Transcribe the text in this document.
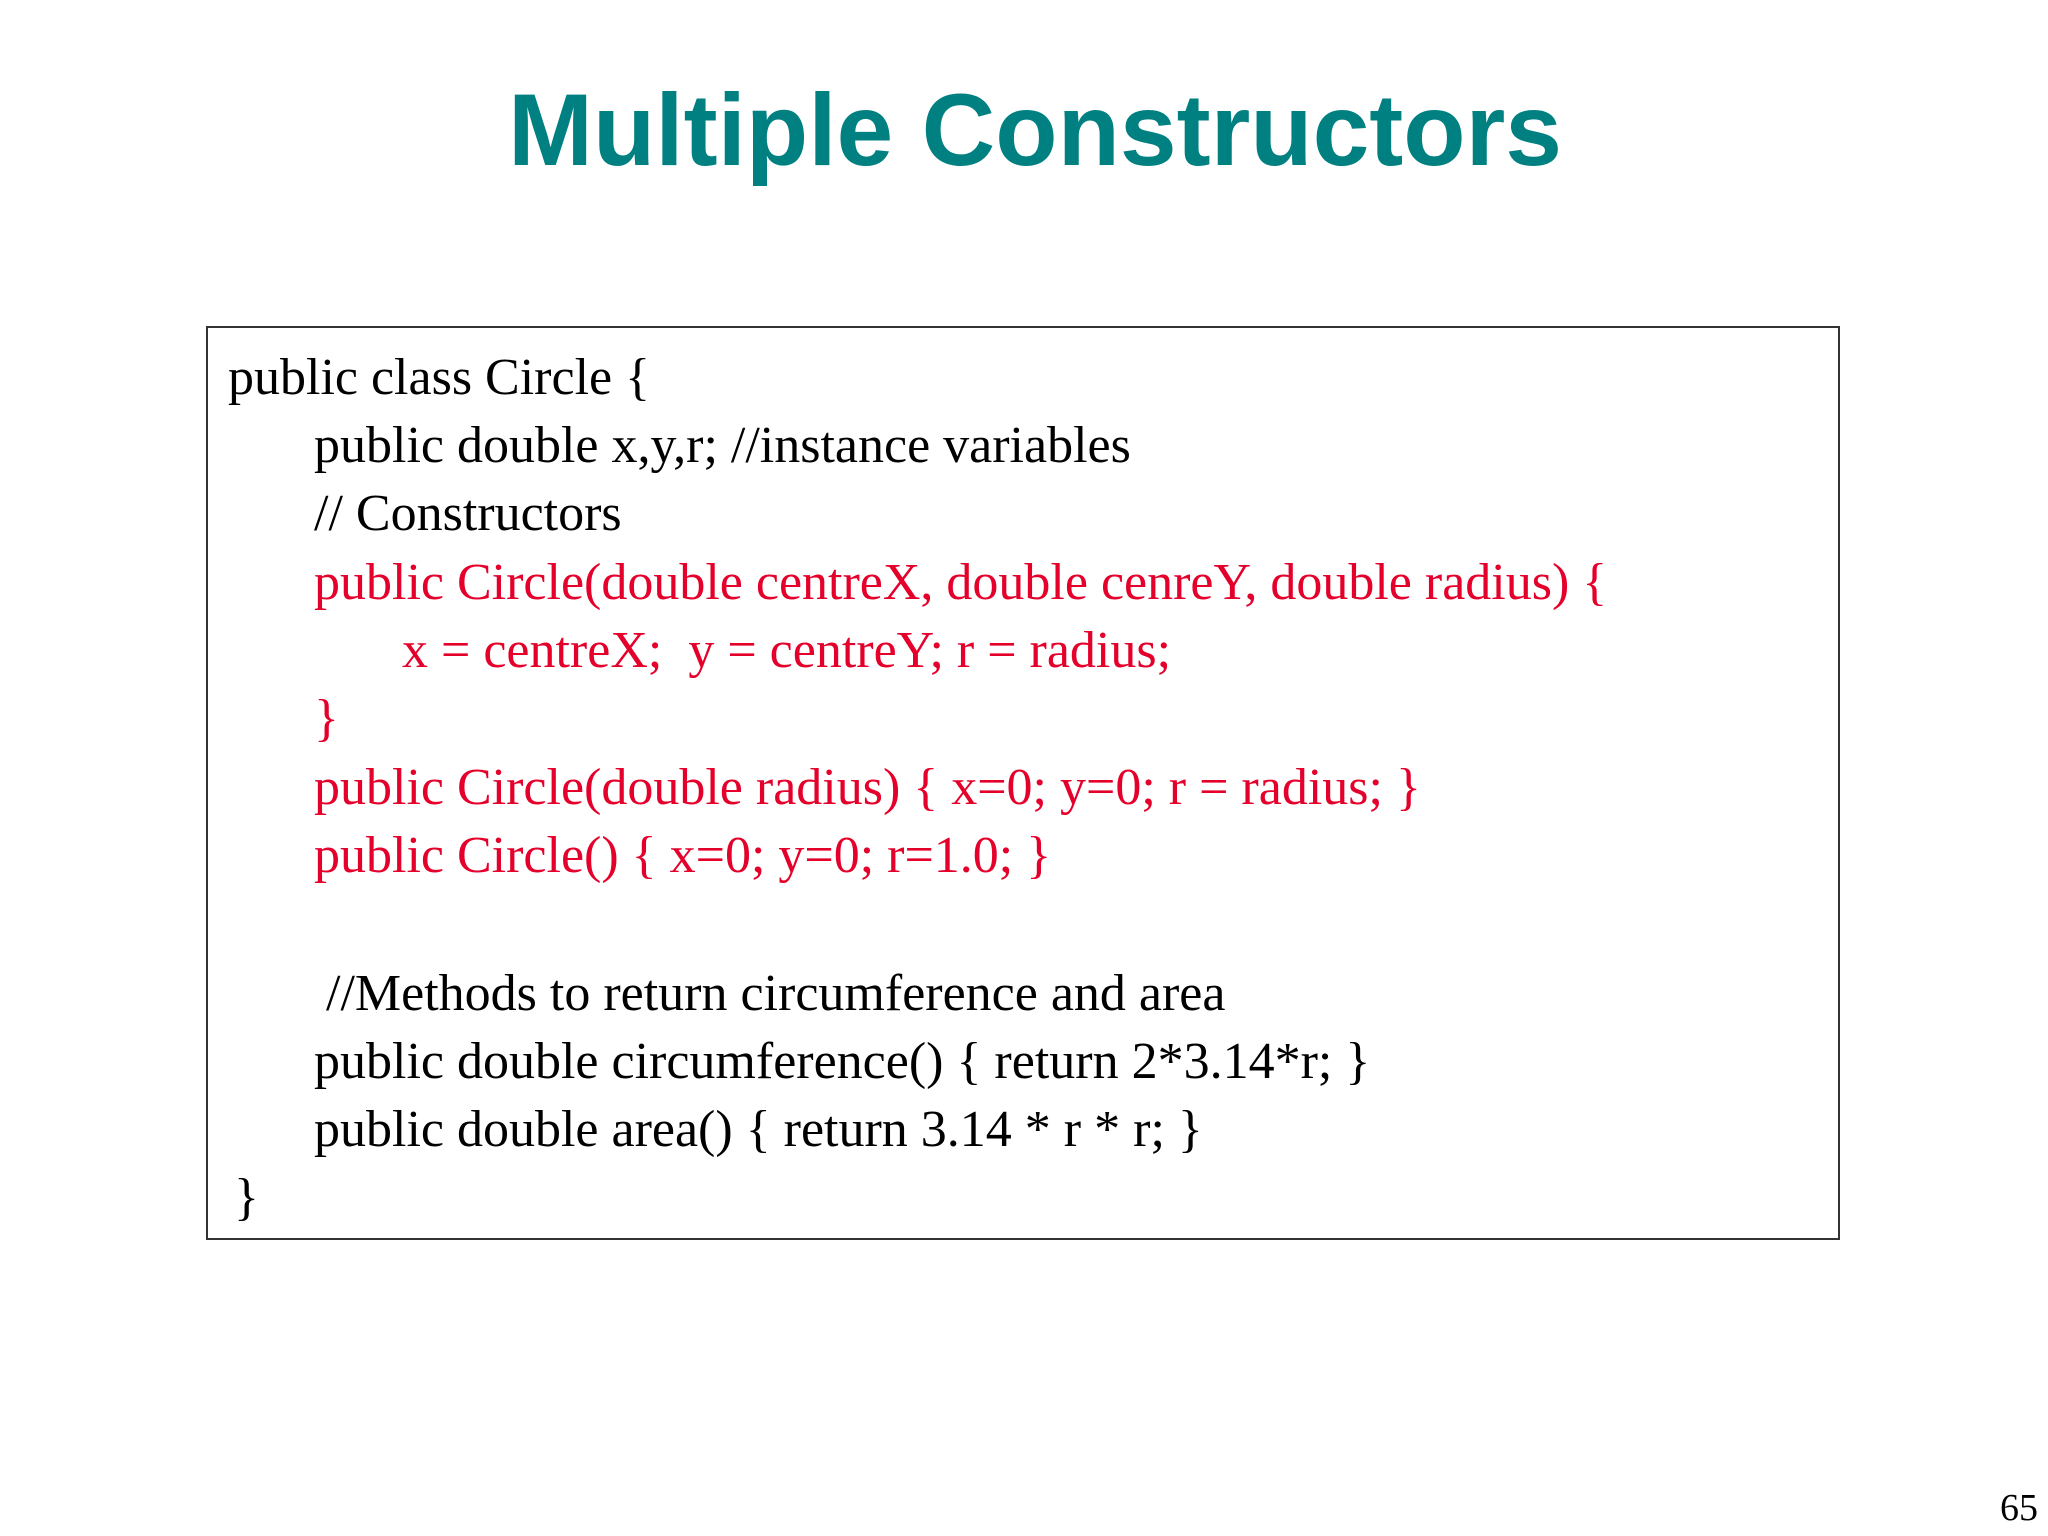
Multiple Constructors
public class Circle {
public double x,y,r; //instance variables
// Constructors
public Circle(double centreX, double cenreY, double radius) {
x = centreX;  y = centreY; r = radius;
}
public Circle(double radius) { x=0; y=0; r = radius; }
public Circle() { x=0; y=0; r=1.0; }
//Methods to return circumference and area
public double circumference() { return 2*3.14*r; }
public double area() { return 3.14 * r * r; }
}
65
